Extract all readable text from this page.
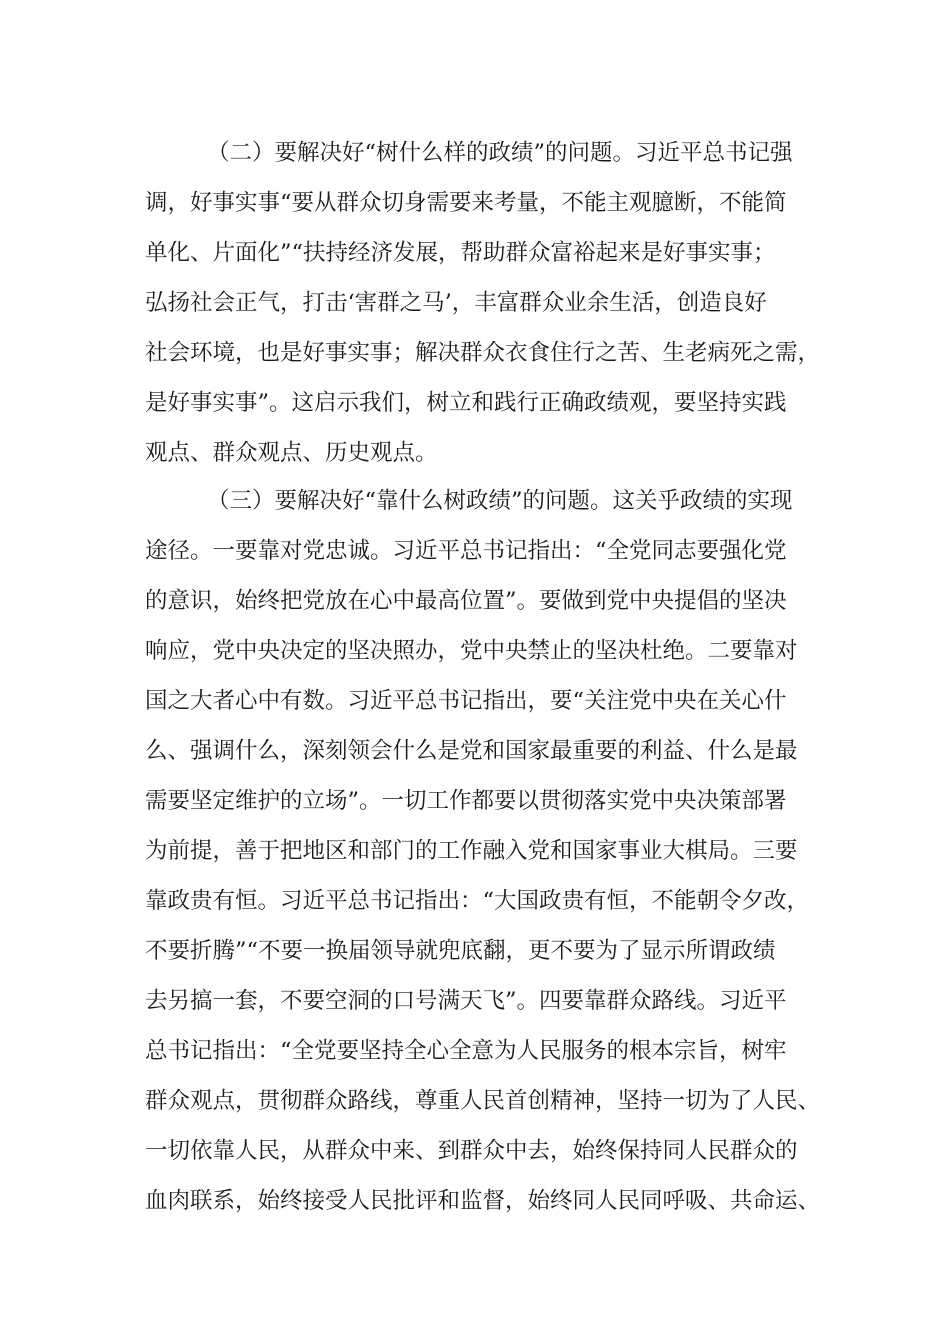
（二）要解决好“树什么样的政绩”的问题。习近平总书记强
调，好事实事“要从群众切身需要来考量，不能主观臆断，不能简
单化、片面化”“扶持经济发展，帮助群众富裕起来是好事实事；
弘扬社会正气，打击‘害群之马’，丰富群众业余生活，创造良好
社会环境，也是好事实事；解决群众衣食住行之苦、生老病死之需，
是好事实事”。这启示我们，树立和践行正确政绩观，要坚持实践
观点、群众观点、历史观点。
（三）要解决好“靠什么树政绩”的问题。这关乎政绩的实现
途径。一要靠对党忠诚。习近平总书记指出：“全党同志要强化党
的意识，始终把党放在心中最高位置”。要做到党中央提倡的坚决
响应，党中央决定的坚决照办，党中央禁止的坚决杜绝。二要靠对
国之大者心中有数。习近平总书记指出，要“关注党中央在关心什
么、强调什么，深刻领会什么是党和国家最重要的利益、什么是最
需要坚定维护的立场”。一切工作都要以贯彻落实党中央决策部署
为前提，善于把地区和部门的工作融入党和国家事业大棋局。三要
靠政贵有恒。习近平总书记指出：“大国政贵有恒，不能朝令夕改，
不要折腾”“不要一换届领导就兜底翻，更不要为了显示所谓政绩
去另搞一套，不要空洞的口号满天飞”。四要靠群众路线。习近平
总书记指出：“全党要坚持全心全意为人民服务的根本宗旨，树牢
群众观点，贯彻群众路线，尊重人民首创精神，坚持一切为了人民、
一切依靠人民，从群众中来、到群众中去，始终保持同人民群众的
血肉联系，始终接受人民批评和监督，始终同人民同呼吸、共命运、
